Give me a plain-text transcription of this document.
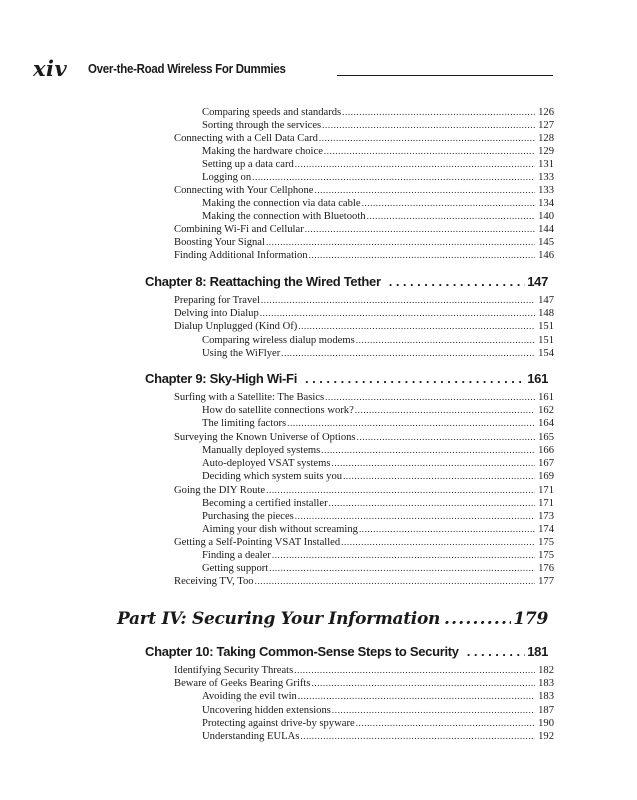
xiv Over-the-Road Wireless For Dummies
Comparing speeds and standards .....	126
Sorting through the services .....	127
Connecting with a Cell Data Card .....	128
Making the hardware choice .....	129
Setting up a data card .....	131
Logging on .....	133
Connecting with Your Cellphone .....	133
Making the connection via data cable .....	134
Making the connection with Bluetooth .....	140
Combining Wi-Fi and Cellular .....	144
Boosting Your Signal .....	145
Finding Additional Information .....	146
Chapter 8: Reattaching the Wired Tether .....	147
Preparing for Travel .....	147
Delving into Dialup .....	148
Dialup Unplugged (Kind Of) .....	151
Comparing wireless dialup modems .....	151
Using the WiFlyer .....	154
Chapter 9: Sky-High Wi-Fi .....	161
Surfing with a Satellite: The Basics .....	161
How do satellite connections work? .....	162
The limiting factors .....	164
Surveying the Known Universe of Options .....	165
Manually deployed systems .....	166
Auto-deployed VSAT systems .....	167
Deciding which system suits you .....	169
Going the DIY Route .....	171
Becoming a certified installer .....	171
Purchasing the pieces .....	173
Aiming your dish without screaming .....	174
Getting a Self-Pointing VSAT Installed .....	175
Finding a dealer .....	175
Getting support .....	176
Receiving TV, Too .....	177
Part IV: Securing Your Information .....	179
Chapter 10: Taking Common-Sense Steps to Security .....	181
Identifying Security Threats .....	182
Beware of Geeks Bearing Grifts .....	183
Avoiding the evil twin .....	183
Uncovering hidden extensions .....	187
Protecting against drive-by spyware .....	190
Understanding EULAs .....	192
